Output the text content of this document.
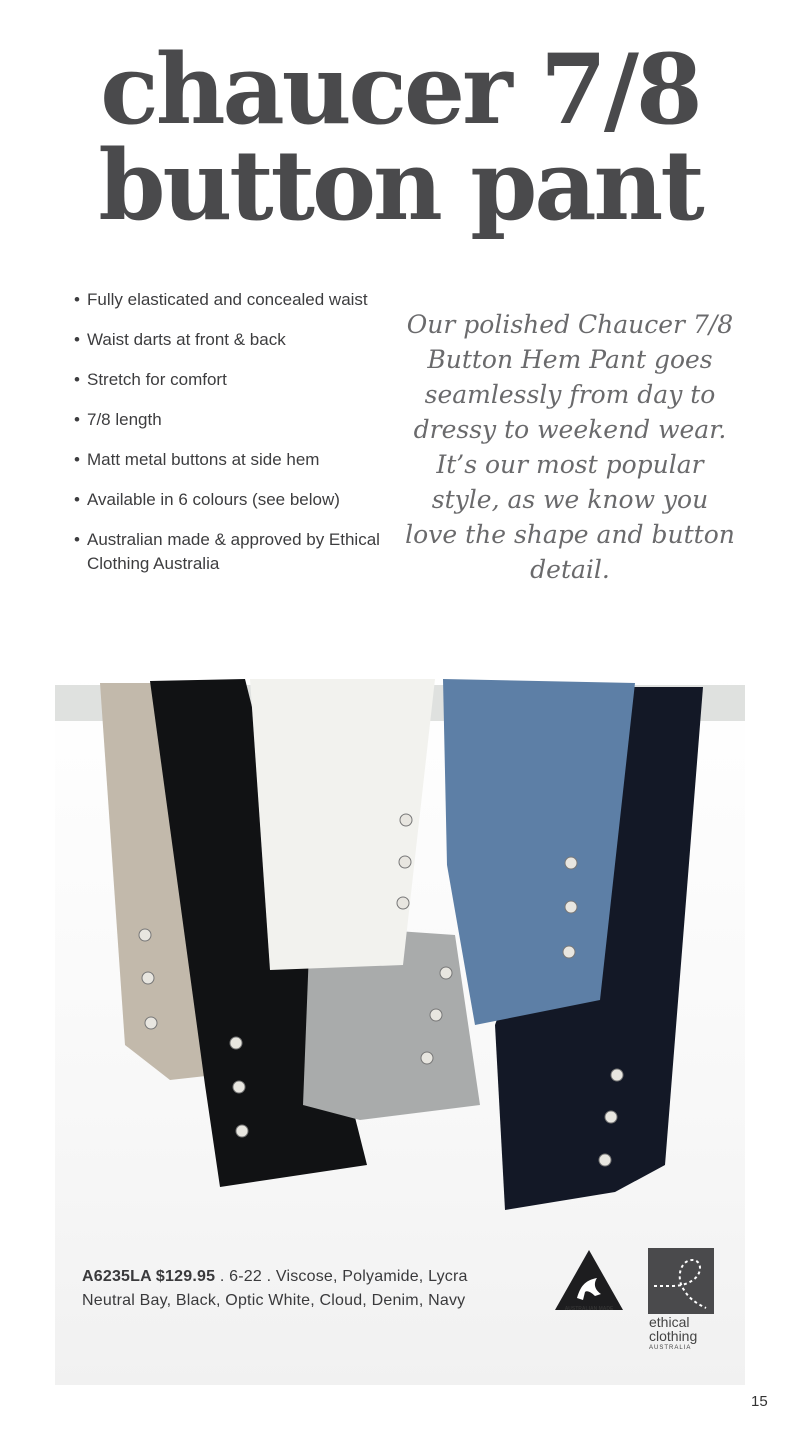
chaucer 7/8
button pant
• Fully elasticated and concealed waist
• Waist darts at front & back
• Stretch for comfort
• 7/8 length
• Matt metal buttons at side hem
• Available in 6 colours (see below)
• Australian made & approved by Ethical Clothing Australia

Our polished Chaucer 7/8 Button Hem Pant goes seamlessly from day to dressy to weekend wear. It’s our most popular style, as we know you love the shape and button detail.

A6235LA $129.95 . 6-22 . Viscose, Polyamide, Lycra
Neutral Bay, Black, Optic White, Cloud, Denim, Navy	AUSTRALIAN MADE
ethical
clothing
AUSTRALIA
15
